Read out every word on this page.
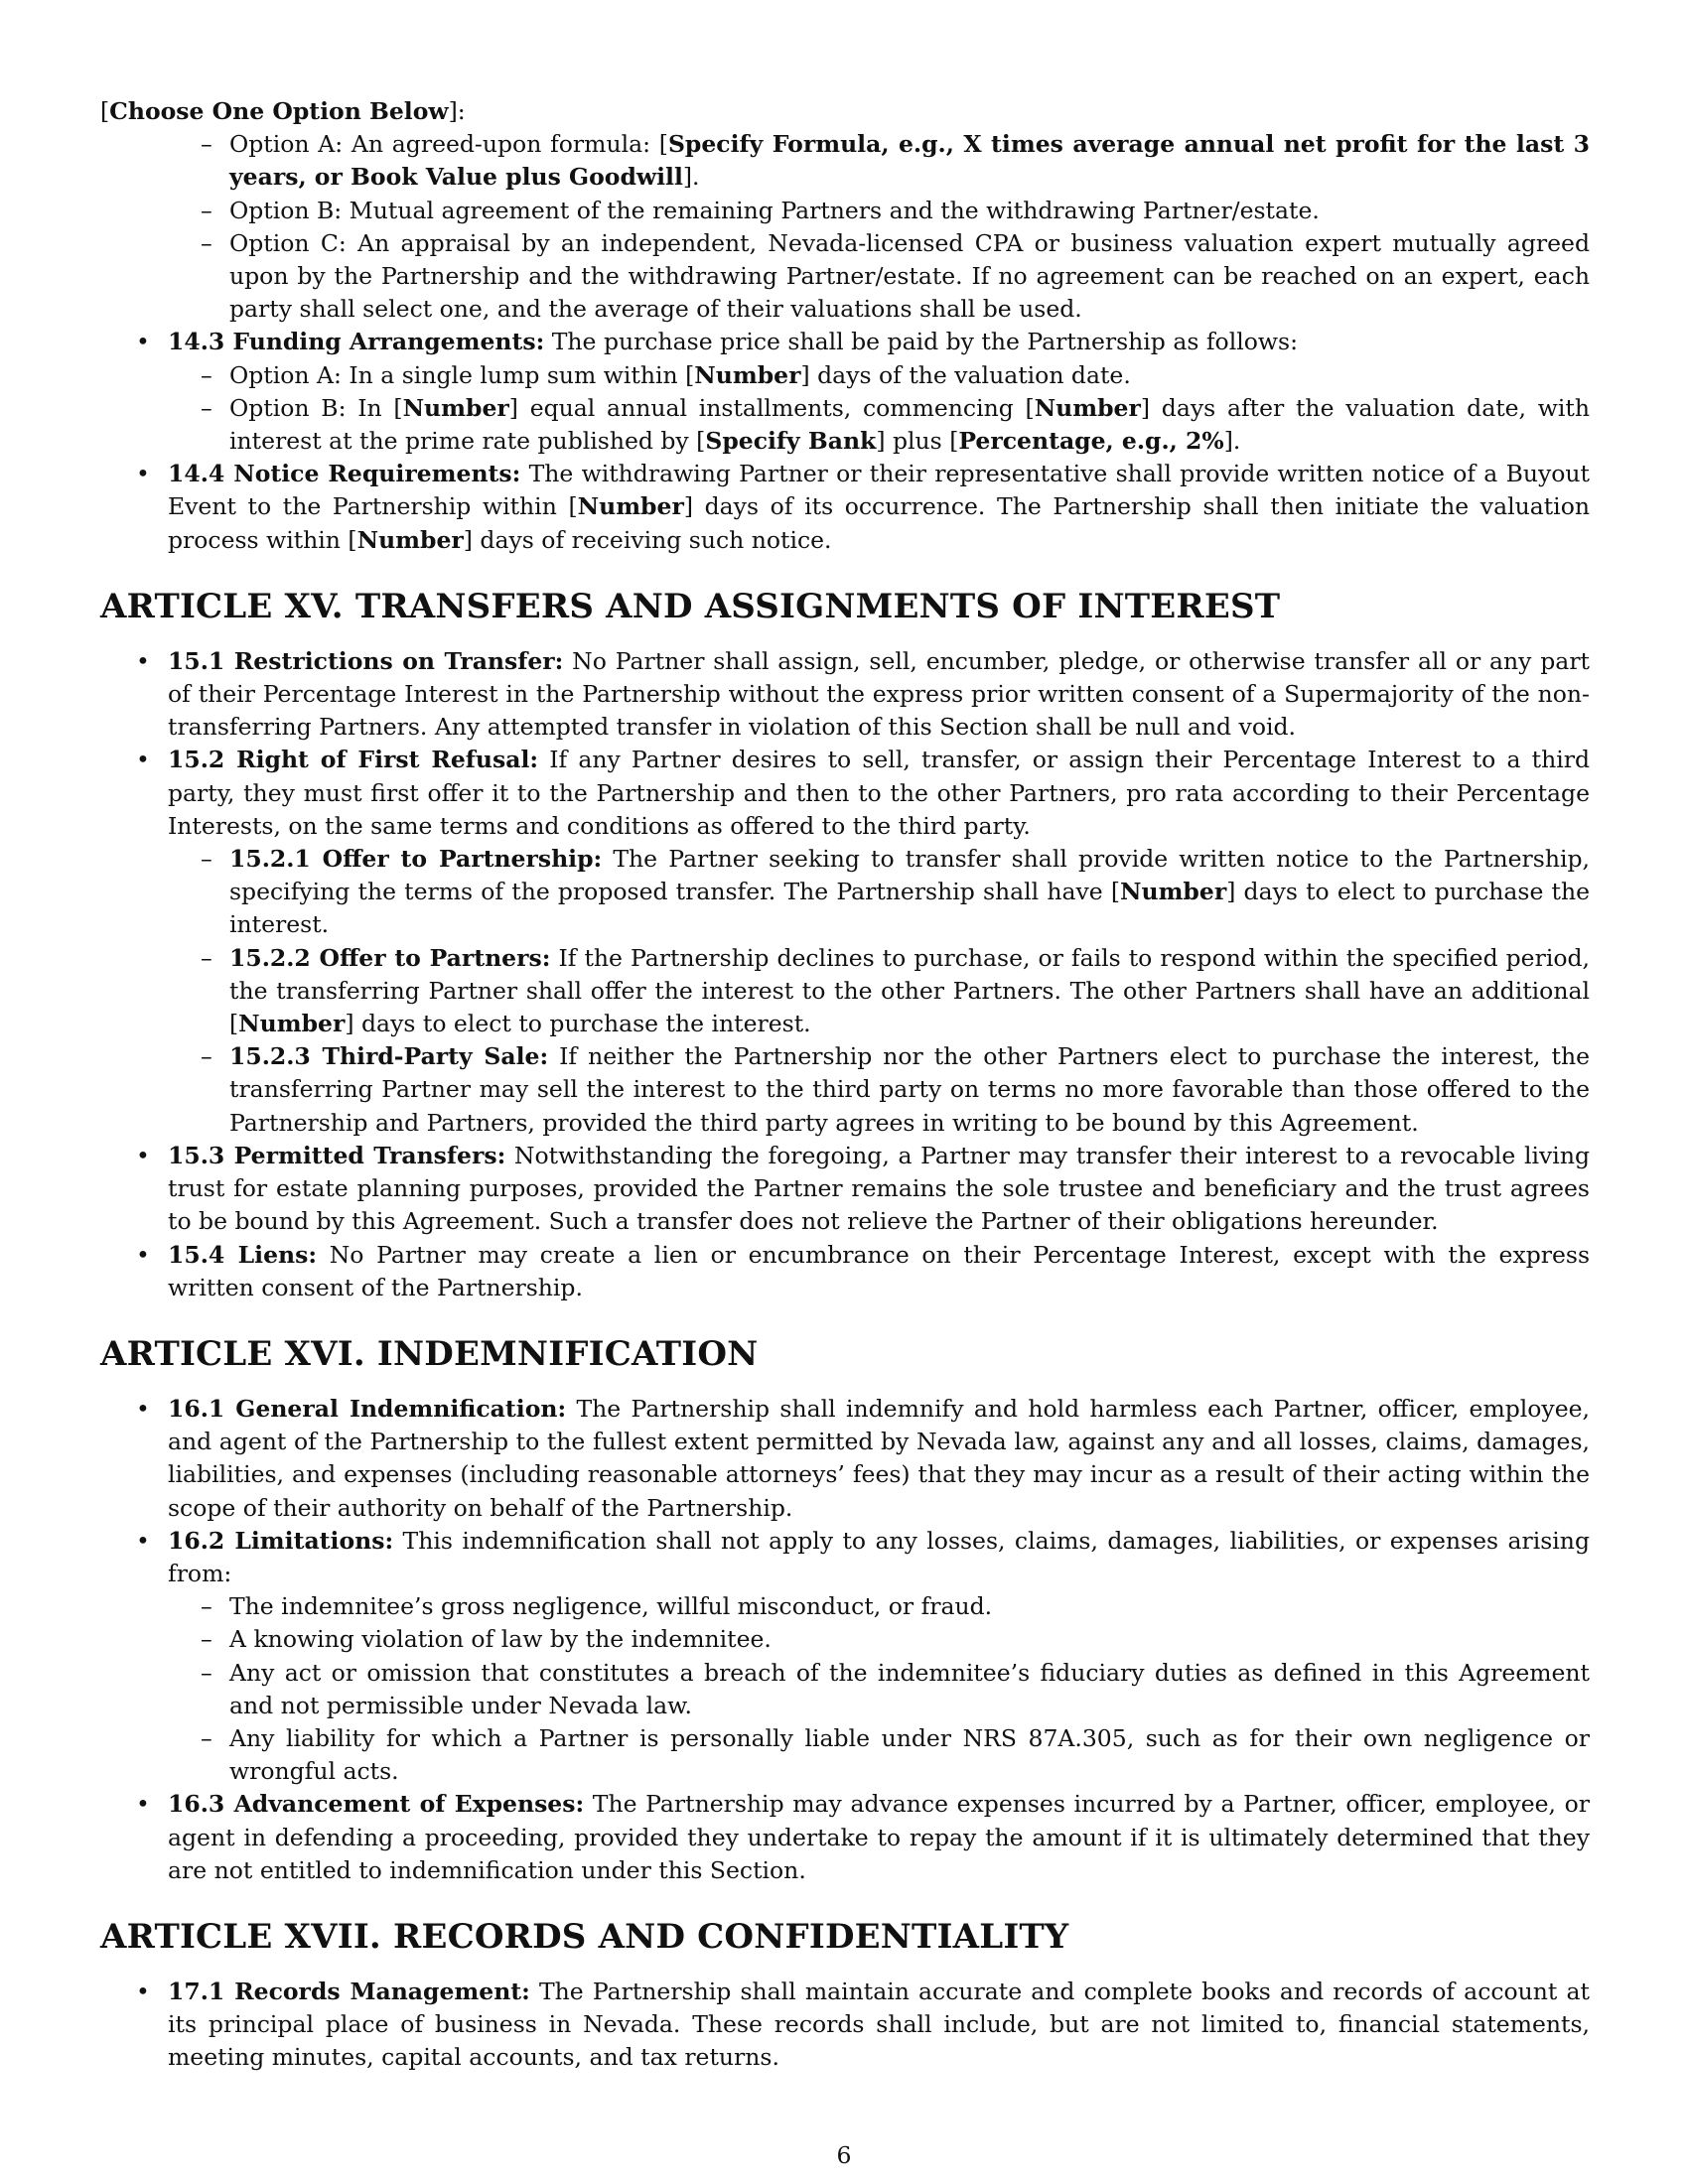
[Choose One Option Below]:

– Option A: An agreed-upon formula: [Specify Formula, e.g., X times average annual net profit for the last 3 years, or Book Value plus Goodwill].
– Option B: Mutual agreement of the remaining Partners and the withdrawing Partner/estate.
– Option C: An appraisal by an independent, Nevada-licensed CPA or business valuation expert mutually agreed upon by the Partnership and the withdrawing Partner/estate. If no agreement can be reached on an expert, each party shall select one, and the average of their valuations shall be used.
• 14.3 Funding Arrangements: The purchase price shall be paid by the Partnership as follows:
– Option A: In a single lump sum within [Number] days of the valuation date.
– Option B: In [Number] equal annual installments, commencing [Number] days after the valuation date, with interest at the prime rate published by [Specify Bank] plus [Percentage, e.g., 2%].
• 14.4 Notice Requirements: The withdrawing Partner or their representative shall provide written notice of a Buyout Event to the Partnership within [Number] days of its occurrence. The Partnership shall then initiate the valuation process within [Number] days of receiving such notice.
ARTICLE XV. TRANSFERS AND ASSIGNMENTS OF INTEREST
• 15.1 Restrictions on Transfer: No Partner shall assign, sell, encumber, pledge, or otherwise transfer all or any part of their Percentage Interest in the Partnership without the express prior written consent of a Supermajority of the non-transferring Partners. Any attempted transfer in violation of this Section shall be null and void.
• 15.2 Right of First Refusal: If any Partner desires to sell, transfer, or assign their Percentage Interest to a third party, they must first offer it to the Partnership and then to the other Partners, pro rata according to their Percentage Interests, on the same terms and conditions as offered to the third party.
– 15.2.1 Offer to Partnership: The Partner seeking to transfer shall provide written notice to the Partnership, specifying the terms of the proposed transfer. The Partnership shall have [Number] days to elect to purchase the interest.
– 15.2.2 Offer to Partners: If the Partnership declines to purchase, or fails to respond within the specified period, the transferring Partner shall offer the interest to the other Partners. The other Partners shall have an additional [Number] days to elect to purchase the interest.
– 15.2.3 Third-Party Sale: If neither the Partnership nor the other Partners elect to purchase the interest, the transferring Partner may sell the interest to the third party on terms no more favorable than those offered to the Partnership and Partners, provided the third party agrees in writing to be bound by this Agreement.
• 15.3 Permitted Transfers: Notwithstanding the foregoing, a Partner may transfer their interest to a revocable living trust for estate planning purposes, provided the Partner remains the sole trustee and beneficiary and the trust agrees to be bound by this Agreement. Such a transfer does not relieve the Partner of their obligations hereunder.
• 15.4 Liens: No Partner may create a lien or encumbrance on their Percentage Interest, except with the express written consent of the Partnership.
ARTICLE XVI. INDEMNIFICATION
• 16.1 General Indemnification: The Partnership shall indemnify and hold harmless each Partner, officer, employee, and agent of the Partnership to the fullest extent permitted by Nevada law, against any and all losses, claims, damages, liabilities, and expenses (including reasonable attorneys’ fees) that they may incur as a result of their acting within the scope of their authority on behalf of the Partnership.
• 16.2 Limitations: This indemnification shall not apply to any losses, claims, damages, liabilities, or expenses arising from:
– The indemnitee’s gross negligence, willful misconduct, or fraud.
– A knowing violation of law by the indemnitee.
– Any act or omission that constitutes a breach of the indemnitee’s fiduciary duties as defined in this Agreement and not permissible under Nevada law.
– Any liability for which a Partner is personally liable under NRS 87A.305, such as for their own negligence or wrongful acts.
• 16.3 Advancement of Expenses: The Partnership may advance expenses incurred by a Partner, officer, employee, or agent in defending a proceeding, provided they undertake to repay the amount if it is ultimately determined that they are not entitled to indemnification under this Section.
ARTICLE XVII. RECORDS AND CONFIDENTIALITY
• 17.1 Records Management: The Partnership shall maintain accurate and complete books and records of account at its principal place of business in Nevada. These records shall include, but are not limited to, financial statements, meeting minutes, capital accounts, and tax returns.
6
